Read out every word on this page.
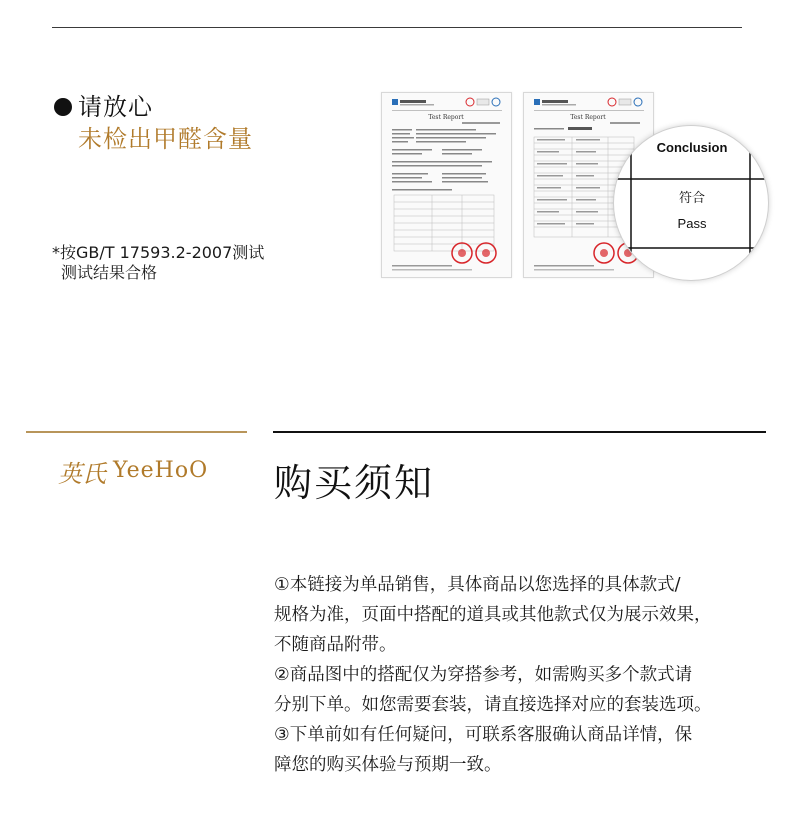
请放心
未检出甲醛含量
*按GB/T 17593.2-2007测试
测试结果合格
Test Report	Test Report
Conclusion
符合
Pass
英氏 YeeHoO 购买须知

①本链接为单品销售，具体商品以您选择的具体款式/

规格为准，页面中搭配的道具或其他款式仅为展示效果，

不随商品附带。

②商品图中的搭配仅为穿搭参考，如需购买多个款式请

分别下单。如您需要套装，请直接选择对应的套装选项。

③下单前如有任何疑问，可联系客服确认商品详情，保

障您的购买体验与预期一致。
